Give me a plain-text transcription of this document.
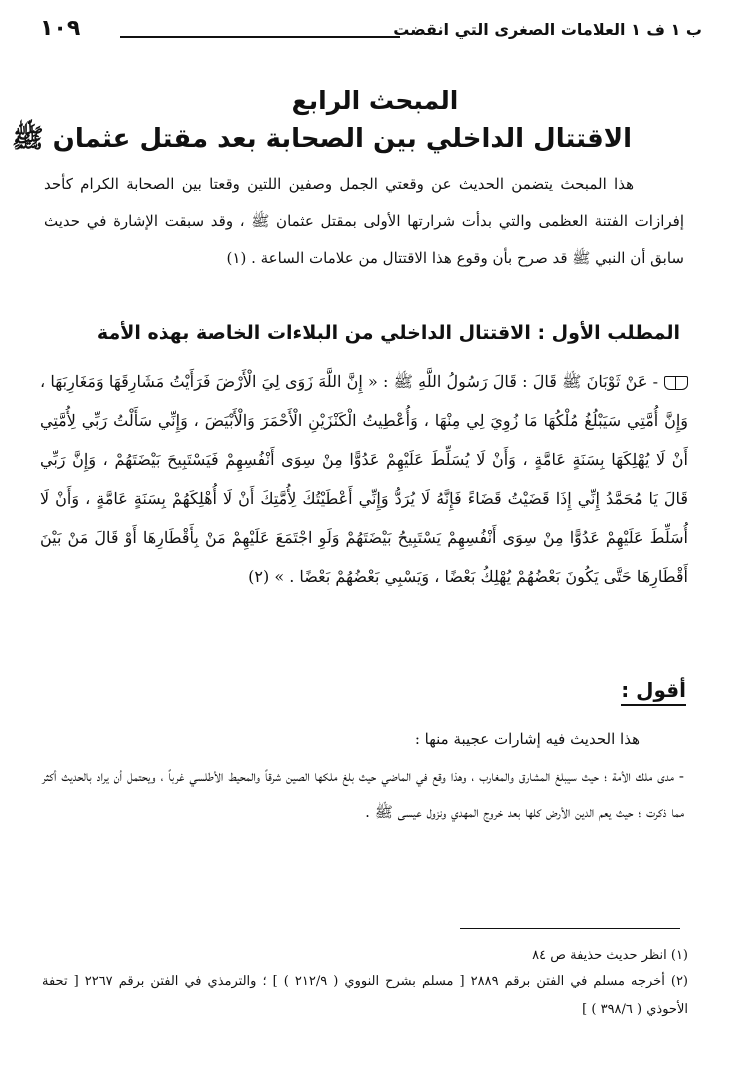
ب ١ ف ١ العلامات الصغرى التي انقضت
١٠٩
المبحث الرابع
الاقتتال الداخلي بين الصحابة بعد مقتل عثمان ﷺ

هذا المبحث يتضمن الحديث عن وقعتي الجمل وصفين اللتين وقعتا بين الصحابة الكرام كأحد إفرازات الفتنة العظمى والتي بدأت شرارتها الأولى بمقتل عثمان ﷺ ، وقد سبقت الإشارة في حديث سابق أن النبي ﷺ قد صرح بأن وقوع هذا الاقتتال من علامات الساعة . (١)

المطلب الأول : الاقتتال الداخلي من البلاءات الخاصة بهذه الأمة
- عَنْ ثَوْبَانَ ﷺ قَالَ : قَالَ رَسُولُ اللَّهِ ﷺ : « إِنَّ اللَّهَ زَوَى لِيَ الْأَرْضَ فَرَأَيْتُ مَشَارِقَهَا وَمَغَارِبَهَا ، وَإِنَّ أُمَّتِي سَيَبْلُغُ مُلْكُهَا مَا زُوِيَ لِي مِنْهَا ، وَأُعْطِيتُ الْكَنْزَيْنِ الْأَحْمَرَ وَالْأَبْيَضَ ، وَإِنِّي سَأَلْتُ رَبِّي لِأُمَّتِي أَنْ لَا يُهْلِكَهَا بِسَنَةٍ عَامَّةٍ ، وَأَنْ لَا يُسَلِّطَ عَلَيْهِمْ عَدُوًّا مِنْ سِوَى أَنْفُسِهِمْ فَيَسْتَبِيحَ بَيْضَتَهُمْ ، وَإِنَّ رَبِّي قَالَ يَا مُحَمَّدُ إِنِّي إِذَا قَضَيْتُ قَضَاءً فَإِنَّهُ لَا يُرَدُّ وَإِنِّي أَعْطَيْتُكَ لِأُمَّتِكَ أَنْ لَا أُهْلِكَهُمْ بِسَنَةٍ عَامَّةٍ ، وَأَنْ لَا أُسَلِّطَ عَلَيْهِمْ عَدُوًّا مِنْ سِوَى أَنْفُسِهِمْ يَسْتَبِيحُ بَيْضَتَهُمْ وَلَوِ اجْتَمَعَ عَلَيْهِمْ مَنْ بِأَقْطَارِهَا أَوْ قَالَ مَنْ بَيْنَ أَقْطَارِهَا حَتَّى يَكُونَ بَعْضُهُمْ يُهْلِكُ بَعْضًا ، وَيَسْبِي بَعْضُهُمْ بَعْضًا . » (٢)
أقول :
هذا الحديث فيه إشارات عجيبة منها :
- مدى ملك الأمة ؛ حيث سيبلغ المشارق والمغارب ، وهذا وقع في الماضي حيث بلغ ملكها الصين شرقاً والمحيط الأطلسي غرباً ، ويحتمل أن يراد بالحديث أكثر مما ذكرت ؛ حيث يعم الدين الأرض كلها بعد خروج المهدي ونزول عيسى ﷺ .
(١) انظر حديث حذيفة ص ٨٤
(٢) أخرجه مسلم في الفتن برقم ٢٨٨٩ [ مسلم بشرح النووي ( ٢١٢/٩ ) ] ؛ والترمذي في الفتن برقم ٢٢٦٧ [ تحفة الأحوذي ( ٣٩٨/٦ ) ]
